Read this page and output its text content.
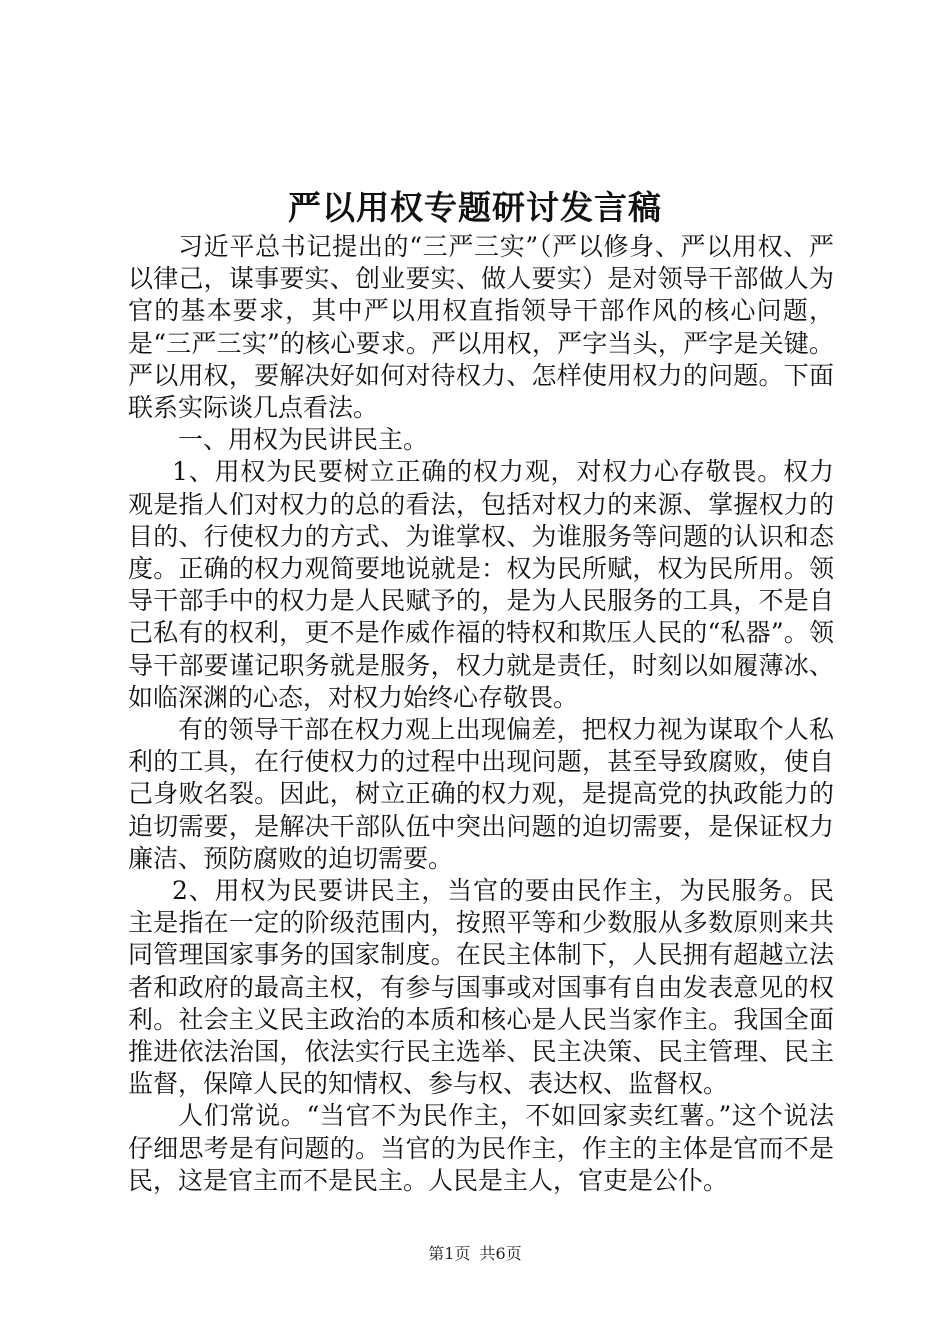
严以用权专题研讨发言稿

习近平总书记提出的“三严三实”（严以修身、严以用权、严以律己，谋事要实、创业要实、做人要实）是对领导干部做人为官的基本要求，其中严以用权直指领导干部作风的核心问题，是“三严三实”的核心要求。严以用权，严字当头，严字是关键。严以用权，要解决好如何对待权力、怎样使用权力的问题。下面联系实际谈几点看法。

一、用权为民讲民主。

1、用权为民要树立正确的权力观，对权力心存敬畏。权力观是指人们对权力的总的看法，包括对权力的来源、掌握权力的目的、行使权力的方式、为谁掌权、为谁服务等问题的认识和态度。正确的权力观简要地说就是：权为民所赋，权为民所用。领导干部手中的权力是人民赋予的，是为人民服务的工具，不是自己私有的权利，更不是作威作福的特权和欺压人民的“私器”。领导干部要谨记职务就是服务，权力就是责任，时刻以如履薄冰、如临深渊的心态，对权力始终心存敬畏。

有的领导干部在权力观上出现偏差，把权力视为谋取个人私利的工具，在行使权力的过程中出现问题，甚至导致腐败，使自己身败名裂。因此，树立正确的权力观，是提高党的执政能力的迫切需要，是解决干部队伍中突出问题的迫切需要，是保证权力廉洁、预防腐败的迫切需要。

2、用权为民要讲民主，当官的要由民作主，为民服务。民主是指在一定的阶级范围内，按照平等和少数服从多数原则来共同管理国家事务的国家制度。在民主体制下，人民拥有超越立法者和政府的最高主权，有参与国事或对国事有自由发表意见的权利。社会主义民主政治的本质和核心是人民当家作主。我国全面推进依法治国，依法实行民主选举、民主决策、民主管理、民主监督，保障人民的知情权、参与权、表达权、监督权。

人们常说。“当官不为民作主，不如回家卖红薯。”这个说法仔细思考是有问题的。当官的为民作主，作主的主体是官而不是民，这是官主而不是民主。人民是主人，官吏是公仆。

第1页 共6页
